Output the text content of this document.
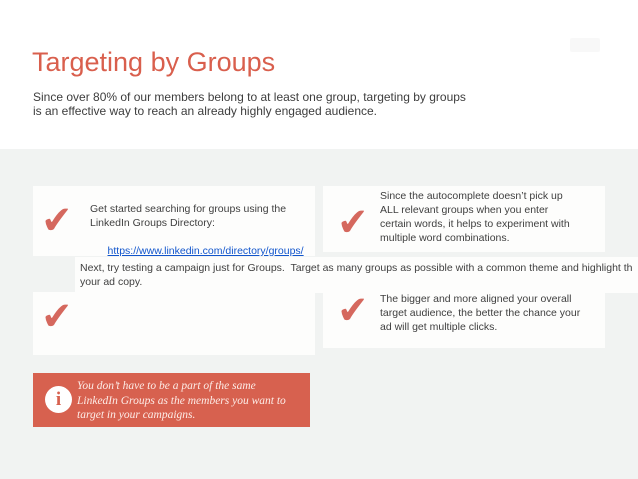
Targeting by Groups
Since over 80% of our members belong to at least one group, targeting by groups
is an effective way to reach an already highly engaged audience.
✔
✔
✔
✔
Get started searching for groups using the
LinkedIn Groups Directory:

https://www.linkedin.com/directory/groups/

Since the autocomplete doesn’t pick up
ALL relevant groups when you enter
certain words, it helps to experiment with
multiple word combinations.
Next, try testing a campaign just for Groups.  Target as many groups as possible with a common theme and highlight th
your ad copy.
The bigger and more aligned your overall
target audience, the better the chance your
ad will get multiple clicks.
i
You don’t have to be a part of the same
LinkedIn Groups as the members you want to
target in your campaigns.
